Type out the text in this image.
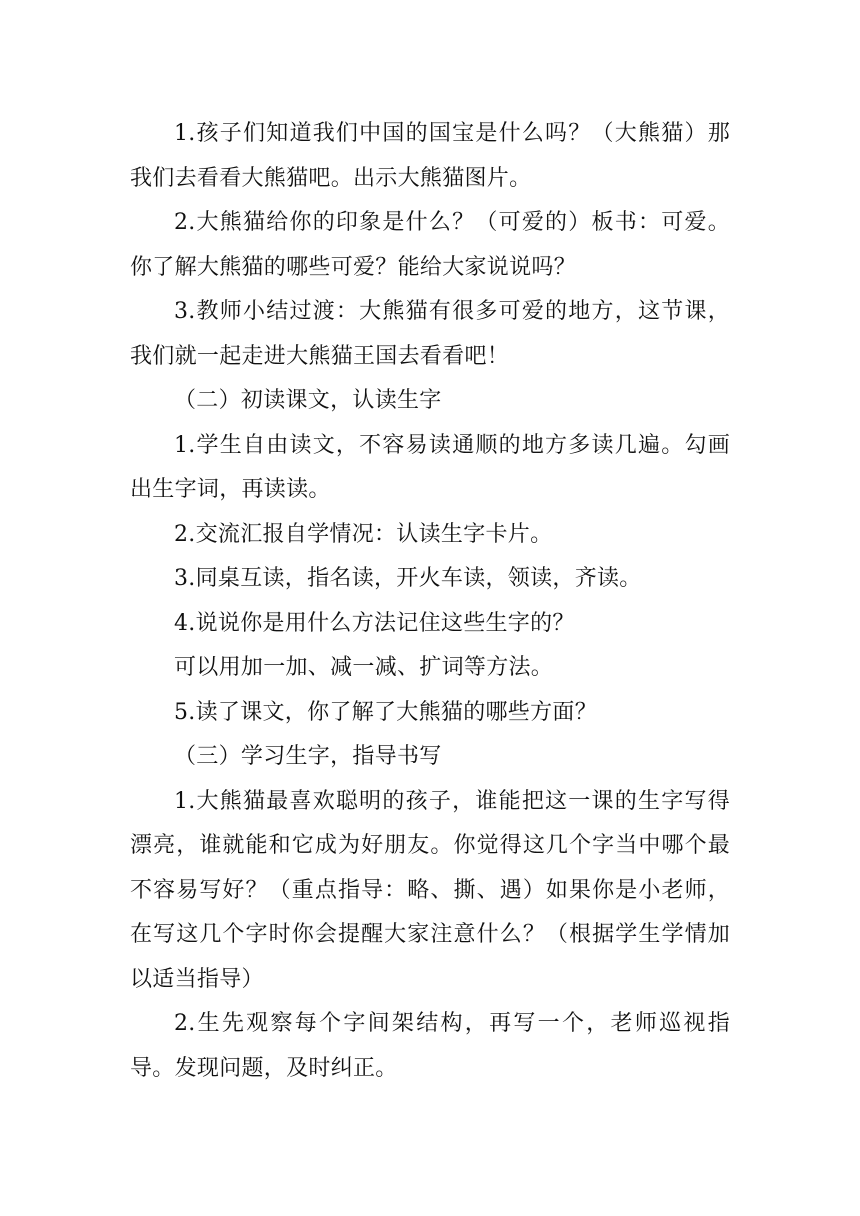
1.孩子们知道我们中国的国宝是什么吗？（大熊猫）那我们去看看大熊猫吧。出示大熊猫图片。

2.大熊猫给你的印象是什么？（可爱的）板书：可爱。你了解大熊猫的哪些可爱？能给大家说说吗？

3.教师小结过渡：大熊猫有很多可爱的地方，这节课，我们就一起走进大熊猫王国去看看吧！

（二）初读课文，认读生字

1.学生自由读文，不容易读通顺的地方多读几遍。勾画出生字词，再读读。

2.交流汇报自学情况：认读生字卡片。

3.同桌互读，指名读，开火车读，领读，齐读。

4.说说你是用什么方法记住这些生字的？

可以用加一加、减一减、扩词等方法。

5.读了课文，你了解了大熊猫的哪些方面？

（三）学习生字，指导书写

1.大熊猫最喜欢聪明的孩子，谁能把这一课的生字写得漂亮，谁就能和它成为好朋友。你觉得这几个字当中哪个最不容易写好？（重点指导：略、撕、遇）如果你是小老师，在写这几个字时你会提醒大家注意什么？（根据学生学情加以适当指导）

2.生先观察每个字间架结构，再写一个，老师巡视指导。发现问题，及时纠正。
